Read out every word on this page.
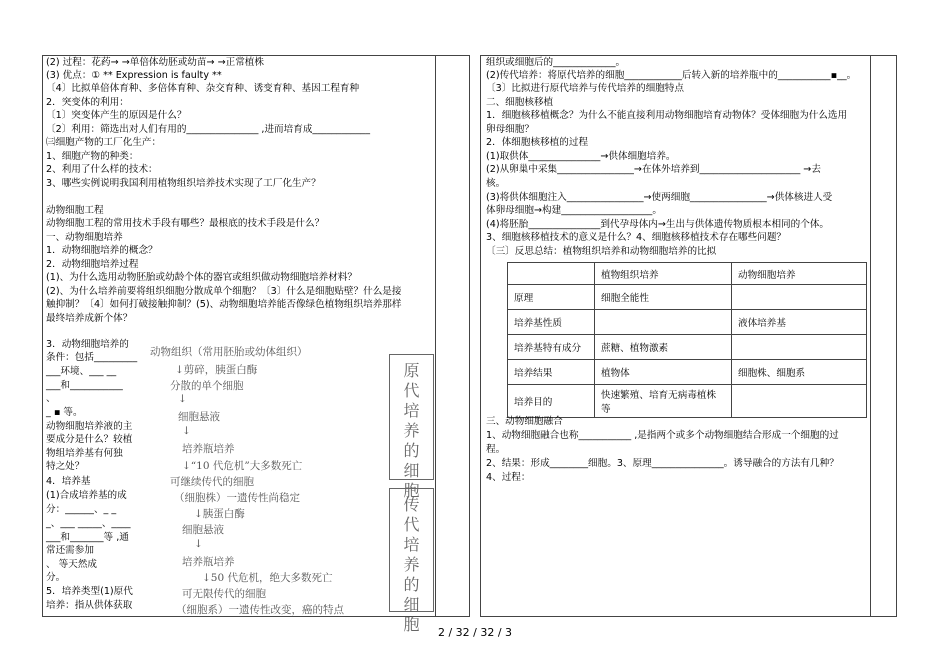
(2) 过程：花药→ →单倍体幼胚或幼苗→ →正常植株
(3) 优点：① ** Expression is faulty **
〔4〕比拟单倍体育种、多倍体育种、杂交育种、诱变育种、基因工程育种
2．突变体的利用：
〔1〕突变体产生的原因是什么？
〔2〕利用：筛选出对人们有用的_______________ ,进而培育成____________
㈢细胞产物的工厂化生产：
1、细胞产物的种类：
2、利用了什么样的技术：
3、哪些实例说明我国利用植物组织培养技术实现了工厂化生产？
动物细胞工程
动物细胞工程的常用技术手段有哪些？最根底的技术手段是什么？
一、动物细胞培养
1．动物细胞培养的概念？
2．动物细胞培养过程
(1)、为什么选用动物胚胎或幼龄个体的器官或组织做动物细胞培养材料？
(2)、为什么培养前要将组织细胞分散成单个细胞？〔3〕什么是细胞贴壁？什么是接
触抑制？〔4〕如何打破接触抑制？(5)、动物细胞培养能否像绿色植物组织培养那样
最终培养成新个体？
3．动物细胞培养的
条件：包括_________
___环境、___ __
___和___________
、
_ ▪ 等。
动物细胞培养液的主
要成分是什么？较植
物组培养基有何独
特之处？
4．培养基
(1)合成培养基的成
分：______、_ _
_、___ _____、____
___和_______等 ,通
常还需参加
、 等天然成
分。
5．培养类型(1)原代
培养：指从供体获取
动物组织（常用胚胎或幼体组织）
↓剪碎，胰蛋白酶
分散的单个细胞
↓
细胞悬液
↓
培养瓶培养
↓“10 代危机”大多数死亡
可继续传代的细胞
（细胞株）一遗传性尚稳定
↓胰蛋白酶
细胞悬液
↓
培养瓶培养
↓50 代危机，绝大多数死亡
可无限传代的细胞
（细胞系）一遗传性改变，癌的特点
原代培养的细胞
传代培养的细胞
组织或细胞后的_____________。
(2)传代培养：将原代培养的细胞____________后转入新的培养瓶中的___________▪__。
〔3〕比拟进行原代培养与传代培养的细胞特点
二、细胞核移植
1．细胞核移植概念？为什么不能直接利用动物细胞培育动物体？受体细胞为什么选用
卵母细胞？
2．体细胞核移植的过程
(1)取供体_______________→供体细胞培养。
(2)从卵巢中采集________________→在体外培养到_____________________ →去
核。
(3)将供体细胞注入________________→使两细胞________________→供体核进人受
体卵母细胞→构建___________________。
(4)将胚胎_______________到代孕母体内→生出与供体遗传物质根本相同的个体。
3、细胞核移植技术的意义是什么？4、细胞核移植技术存在哪些问题？
〔三〕反思总结：植物组织培养和动物细胞培养的比拟
	植物组织培养	动物细胞培养
原理	细胞全能性	
培养基性质		液体培养基
培养基特有成分	蔗糖、植物激素	
培养结果	植物体	细胞株、细胞系
培养目的	快速繁殖、培育无病毒植株等	
三、动物细胞融合
1、动物细胞融合也称___________ ,是指两个或多个动物细胞结合形成一个细胞的过
程。
2、结果：形成________细胞。3、原理_______________。诱导融合的方法有几种？
4、过程：
2 / 32 / 32 / 3
